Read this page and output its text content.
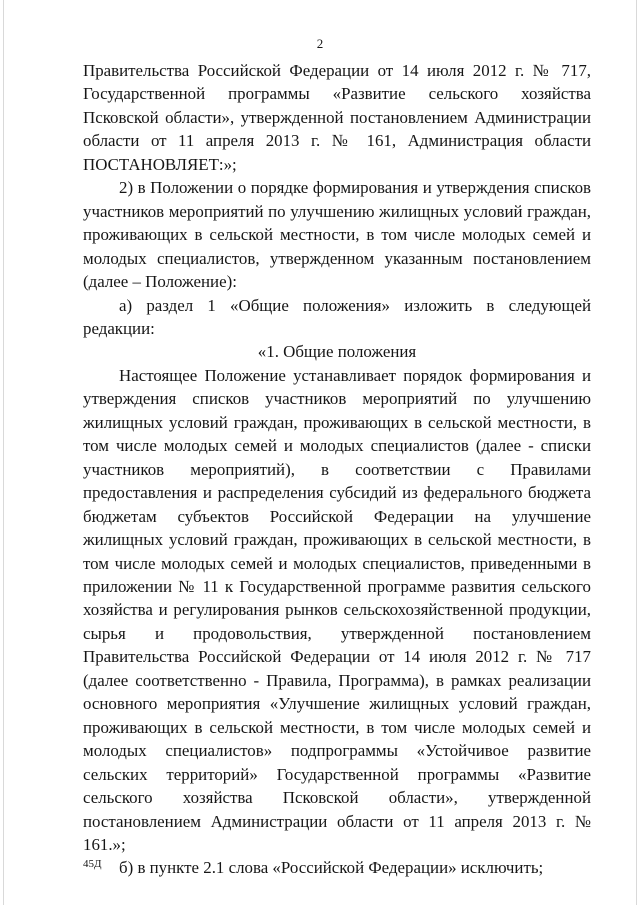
2

Правительства Российской Федерации от 14 июля 2012 г. № 717, Государственной программы «Развитие сельского хозяйства Псковской области», утвержденной постановлением Администрации области от 11 апреля 2013 г. № 161, Администрация области ПОСТАНОВЛЯЕТ:»;

2) в Положении о порядке формирования и утверждения списков участников мероприятий по улучшению жилищных условий граждан, проживающих в сельской местности, в том числе молодых семей и молодых специалистов, утвержденном указанным постановлением (далее – Положение):

а) раздел 1 «Общие положения» изложить в следующей редакции:

«1. Общие положения

Настоящее Положение устанавливает порядок формирования и утверждения списков участников мероприятий по улучшению жилищных условий граждан, проживающих в сельской местности, в том числе молодых семей и молодых специалистов (далее - списки участников мероприятий), в соответствии с Правилами предоставления и распределения субсидий из федерального бюджета бюджетам субъектов Российской Федерации на улучшение жилищных условий граждан, проживающих в сельской местности, в том числе молодых семей и молодых специалистов, приведенными в приложении № 11 к Государственной программе развития сельского хозяйства и регулирования рынков сельскохозяйственной продукции, сырья и продовольствия, утвержденной постановлением Правительства Российской Федерации от 14 июля 2012 г. № 717 (далее соответственно - Правила, Программа), в рамках реализации основного мероприятия «Улучшение жилищных условий граждан, проживающих в сельской местности, в том числе молодых семей и молодых специалистов» подпрограммы «Устойчивое развитие сельских территорий» Государственной программы «Развитие сельского хозяйства Псковской области», утвержденной постановлением Администрации области от 11 апреля 2013 г. № 161.»;

б) в пункте 2.1 слова «Российской Федерации» исключить;

45Д
